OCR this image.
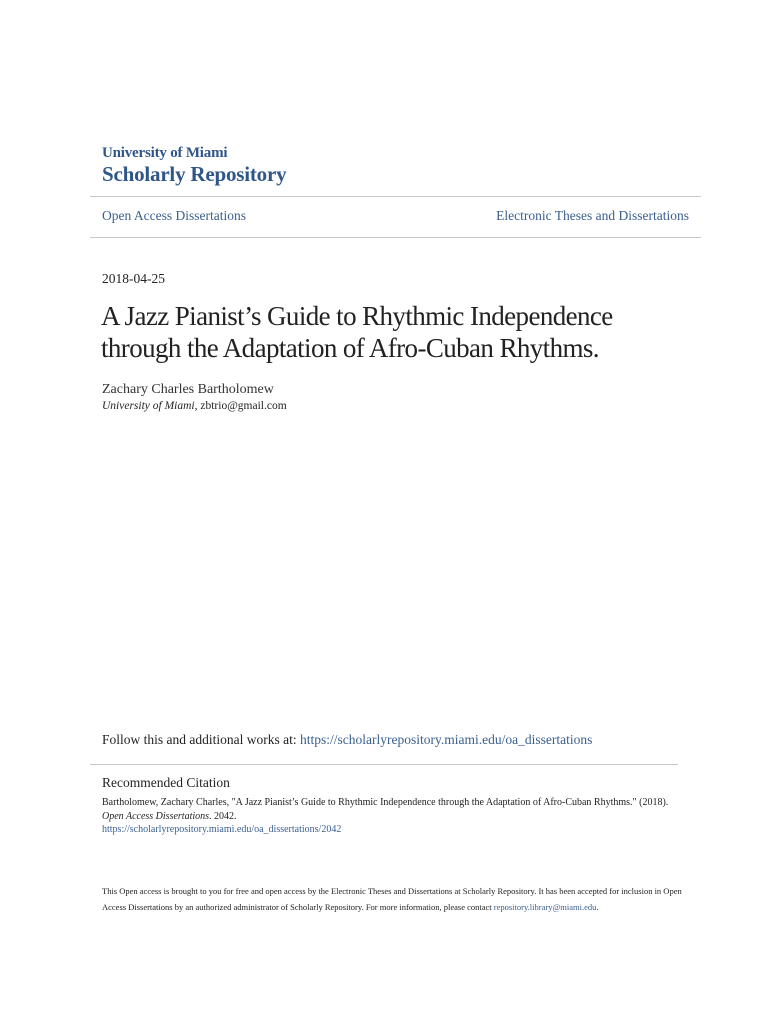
University of Miami
Scholarly Repository
Open Access Dissertations	Electronic Theses and Dissertations
2018-04-25
A Jazz Pianist’s Guide to Rhythmic Independence
through the Adaptation of Afro-Cuban Rhythms.
Zachary Charles Bartholomew
University of Miami, zbtrio@gmail.com
Follow this and additional works at: https://scholarlyrepository.miami.edu/oa_dissertations
Recommended Citation
Bartholomew, Zachary Charles, "A Jazz Pianist’s Guide to Rhythmic Independence through the Adaptation of Afro-Cuban Rhythms." (2018). Open Access Dissertations. 2042.
https://scholarlyrepository.miami.edu/oa_dissertations/2042
This Open access is brought to you for free and open access by the Electronic Theses and Dissertations at Scholarly Repository. It has been accepted for inclusion in Open Access Dissertations by an authorized administrator of Scholarly Repository. For more information, please contact repository.library@miami.edu.
